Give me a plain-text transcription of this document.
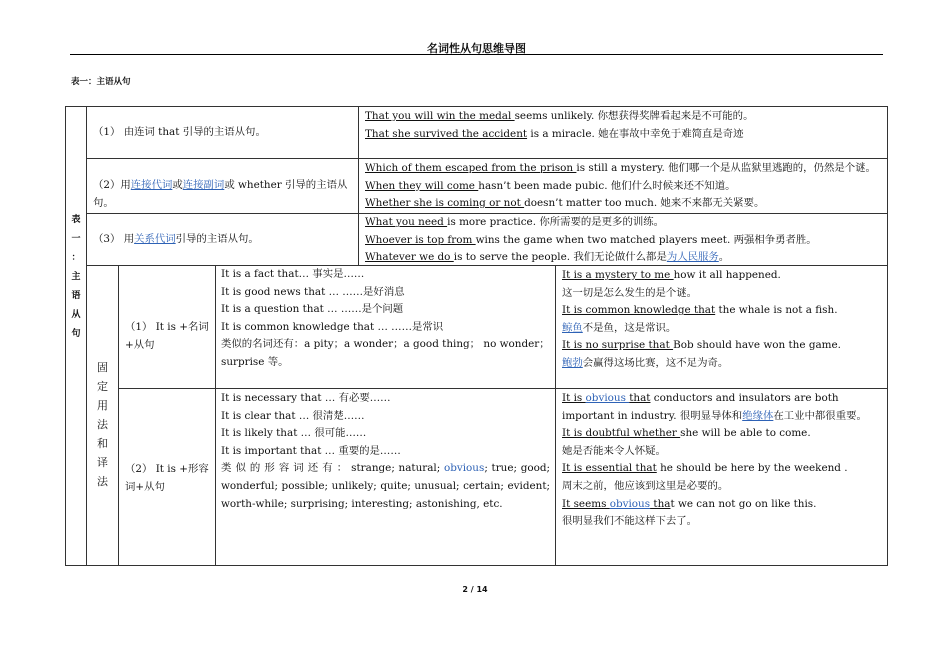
名词性从句思维导图
表一：主语从句
表
一
：
主
语
从
句
（1） 由连词 that 引导的主语从句。
That you will win the medal seems unlikely. 你想获得奖牌看起来是不可能的。
That she survived the accident is a miracle. 她在事故中幸免于难简直是奇迹
（2）用连接代词或连接副词或 whether 引导的主语从句。
Which of them escaped from the prison is still a mystery. 他们哪一个是从监狱里逃跑的，仍然是个谜。
When they will come hasn’t been made pubic. 他们什么时候来还不知道。
Whether she is coming or not doesn’t matter too much. 她来不来都无关紧要。
（3） 用关系代词引导的主语从句。
What you need is more practice. 你所需要的是更多的训练。
Whoever is top from wins the game when two matched players meet. 两强相争勇者胜。
Whatever we do is to serve the people. 我们无论做什么都是为人民服务。
固
定
用
法
和
译
法
（1） It is +名词+从句
It is a fact that… 事实是……
It is good news that … ……是好消息
It is a question that … ……是个问题
It is common knowledge that … ……是常识
类似的名词还有：a pity；a wonder；a good thing； no wonder；surprise 等。
It is a mystery to me how it all happened.
这一切是怎么发生的是个谜。
It is common knowledge that the whale is not a fish.
鲸鱼不是鱼，这是常识。
It is no surprise that Bob should have won the game.
鲍勃会赢得这场比赛，这不足为奇。
（2） It is +形容词+从句
It is necessary that … 有必要……
It is clear that … 很清楚……
It is likely that … 很可能……
It is important that … 重要的是……
类 似 的 形 容 词 还 有 ： strange; natural; obvious; true; good; wonderful; possible; unlikely; quite; unusual; certain; evident; worth-while; surprising; interesting; astonishing, etc.
It is obvious that conductors and insulators are both important in industry. 很明显导体和绝缘体在工业中都很重要。
It is doubtful whether she will be able to come.
她是否能来令人怀疑。
It is essential that he should be here by the weekend .
周末之前，他应该到这里是必要的。
It seems obvious that we can not go on like this.
很明显我们不能这样下去了。
2 / 14
